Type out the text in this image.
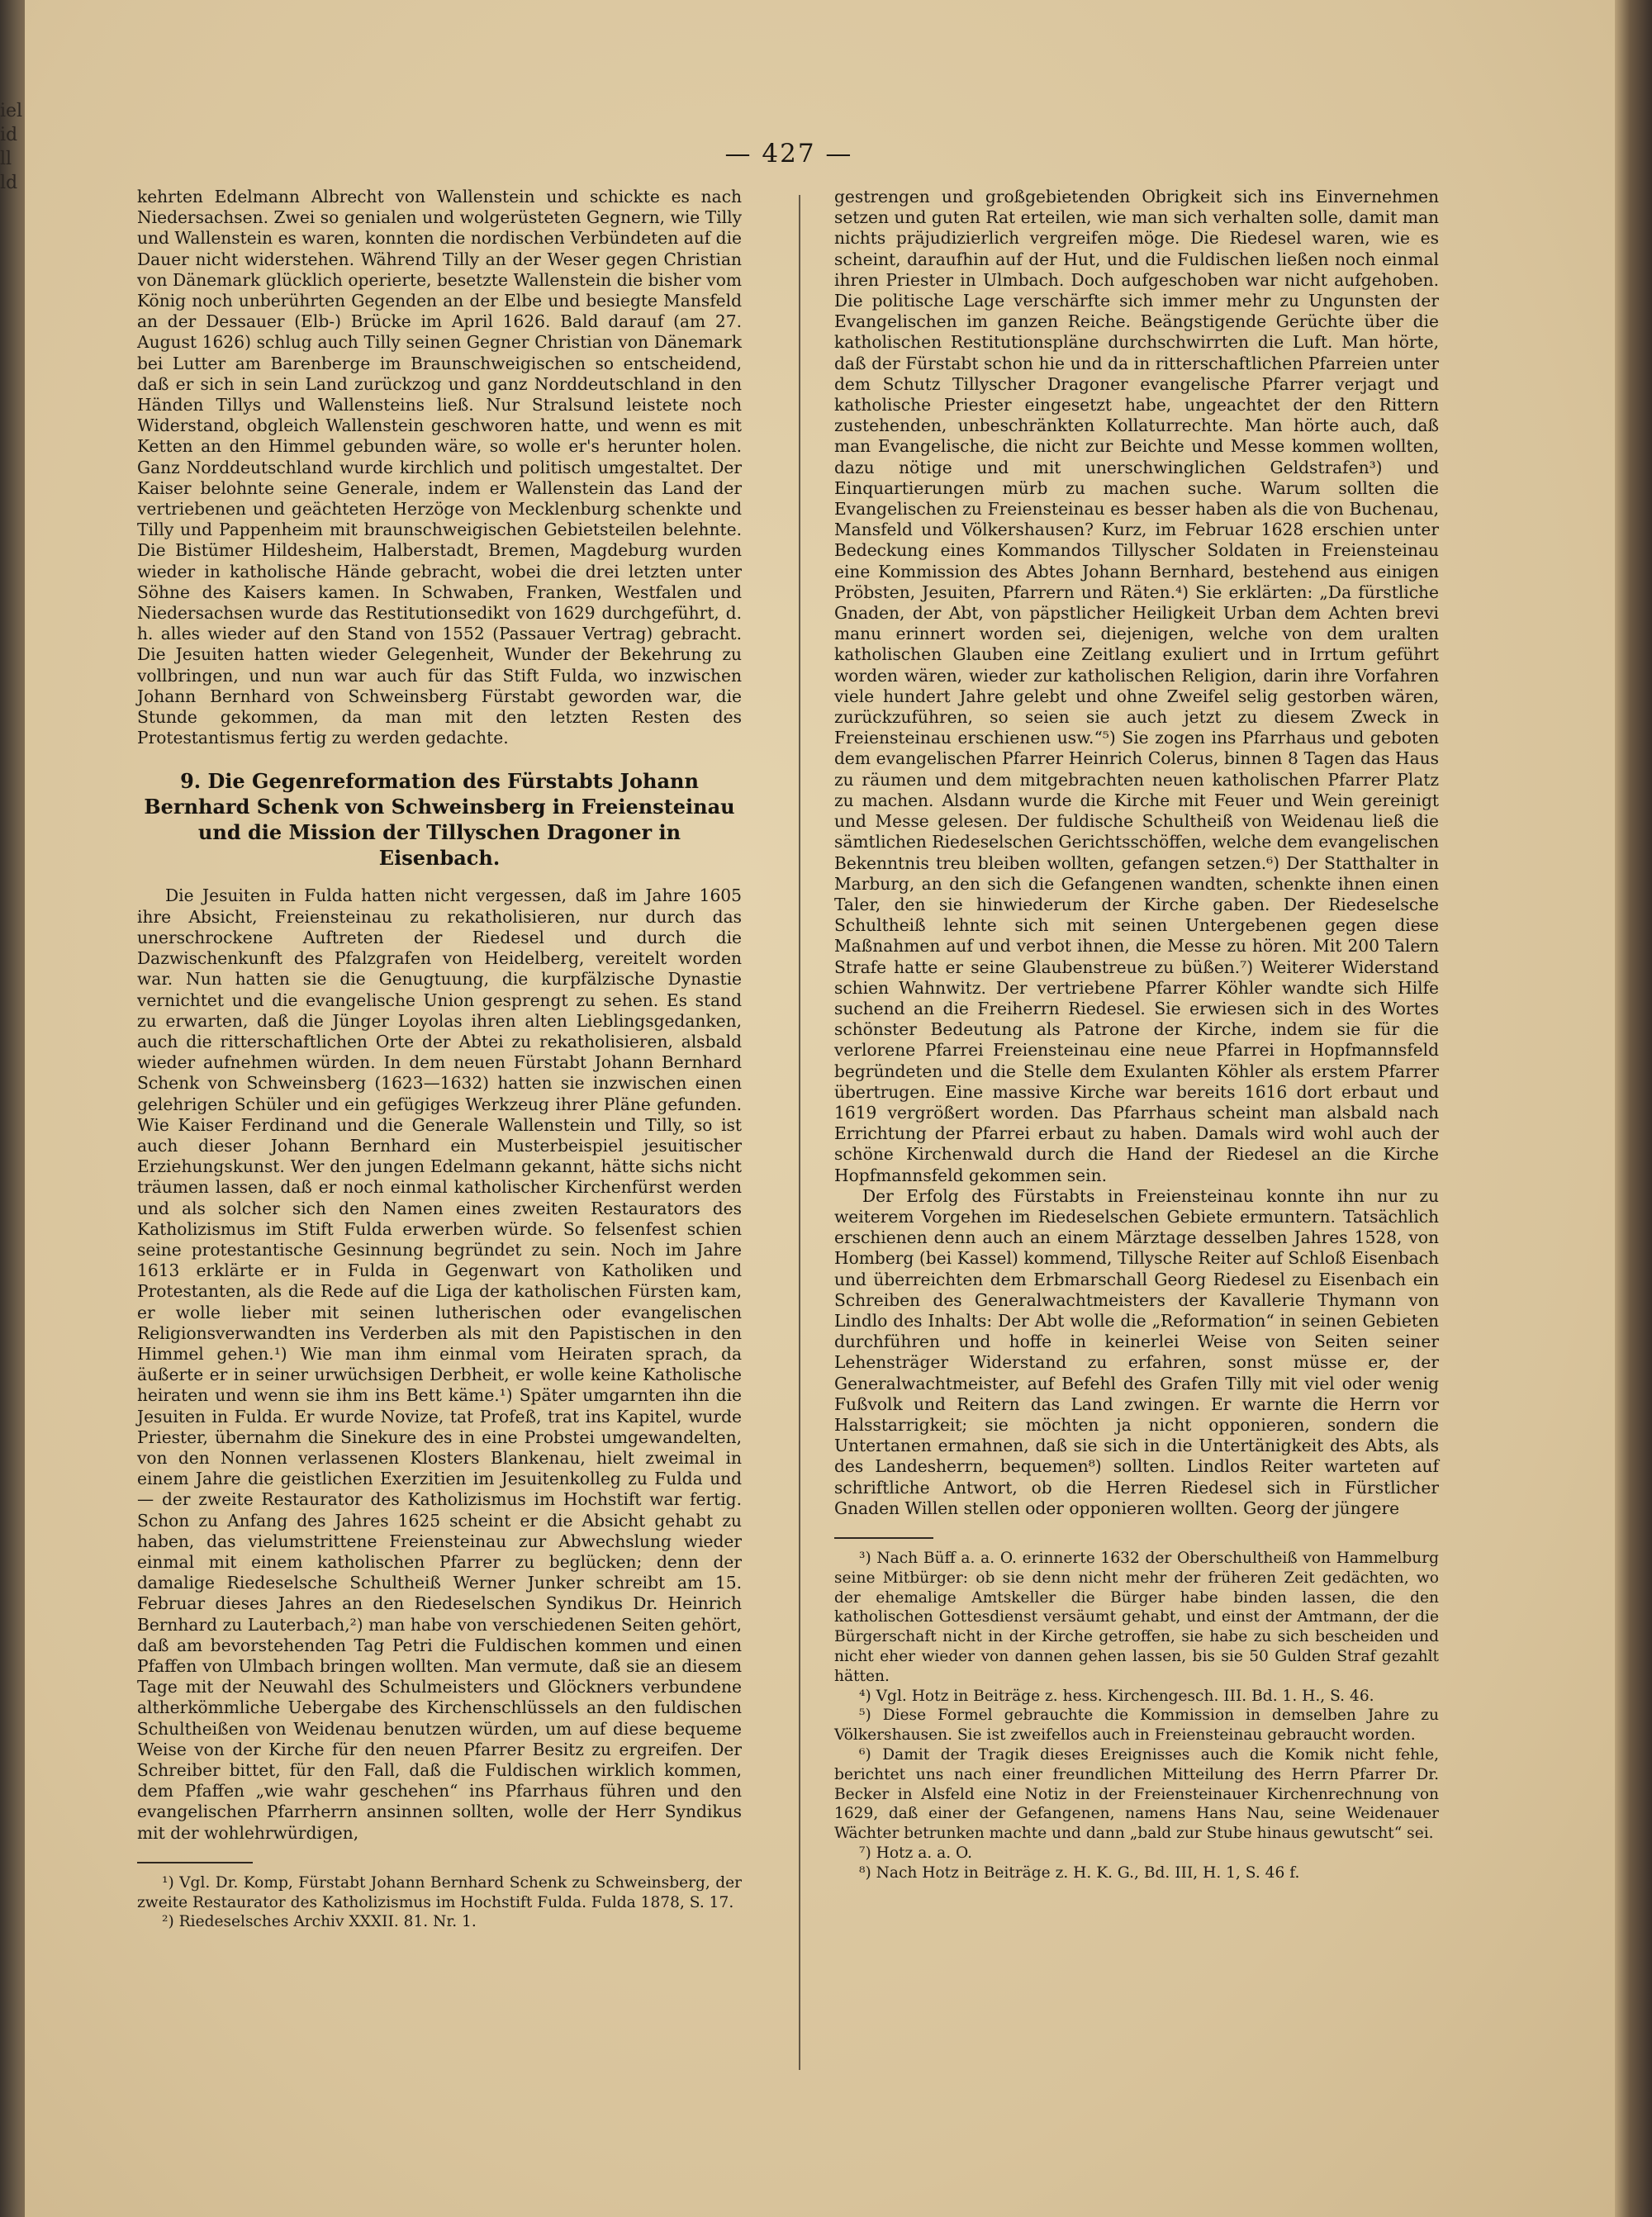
iel
id
ll
ld
— 427 —

kehrten Edelmann Albrecht von Wallenstein und schickte es nach Niedersachsen. Zwei so genialen und wolgerüsteten Gegnern, wie Tilly und Wallenstein es waren, konnten die nordischen Verbündeten auf die Dauer nicht widerstehen. Während Tilly an der Weser gegen Christian von Dänemark glücklich operierte, besetzte Wallenstein die bisher vom König noch unberührten Gegenden an der Elbe und besiegte Mansfeld an der Dessauer (Elb-) Brücke im April 1626. Bald darauf (am 27. August 1626) schlug auch Tilly seinen Gegner Christian von Dänemark bei Lutter am Barenberge im Braunschweigischen so entscheidend, daß er sich in sein Land zurückzog und ganz Norddeutschland in den Händen Tillys und Wallensteins ließ. Nur Stralsund leistete noch Widerstand, obgleich Wallenstein geschworen hatte, und wenn es mit Ketten an den Himmel gebunden wäre, so wolle er's herunter holen. Ganz Norddeutschland wurde kirchlich und politisch umgestaltet. Der Kaiser belohnte seine Generale, indem er Wallenstein das Land der vertriebenen und geächteten Herzöge von Mecklenburg schenkte und Tilly und Pappenheim mit braunschweigischen Gebietsteilen belehnte. Die Bistümer Hildesheim, Halberstadt, Bremen, Magdeburg wurden wieder in katholische Hände gebracht, wobei die drei letzten unter Söhne des Kaisers kamen. In Schwaben, Franken, Westfalen und Niedersachsen wurde das Restitutionsedikt von 1629 durchgeführt, d. h. alles wieder auf den Stand von 1552 (Passauer Vertrag) gebracht. Die Jesuiten hatten wieder Gelegenheit, Wunder der Bekehrung zu vollbringen, und nun war auch für das Stift Fulda, wo inzwischen Johann Bernhard von Schweinsberg Fürstabt geworden war, die Stunde gekommen, da man mit den letzten Resten des Protestantismus fertig zu werden gedachte.

9. Die Gegenreformation des Fürstabts Johann Bernhard Schenk von Schweinsberg in Freiensteinau und die Mission der Tillyschen Dragoner in Eisenbach.

Die Jesuiten in Fulda hatten nicht vergessen, daß im Jahre 1605 ihre Absicht, Freiensteinau zu rekatholisieren, nur durch das unerschrockene Auftreten der Riedesel und durch die Dazwischenkunft des Pfalzgrafen von Heidelberg, vereitelt worden war. Nun hatten sie die Genugtuung, die kurpfälzische Dynastie vernichtet und die evangelische Union gesprengt zu sehen. Es stand zu erwarten, daß die Jünger Loyolas ihren alten Lieblingsgedanken, auch die ritterschaftlichen Orte der Abtei zu rekatholisieren, alsbald wieder aufnehmen würden. In dem neuen Fürstabt Johann Bernhard Schenk von Schweinsberg (1623—1632) hatten sie inzwischen einen gelehrigen Schüler und ein gefügiges Werkzeug ihrer Pläne gefunden. Wie Kaiser Ferdinand und die Generale Wallenstein und Tilly, so ist auch dieser Johann Bernhard ein Musterbeispiel jesuitischer Erziehungskunst. Wer den jungen Edelmann gekannt, hätte sichs nicht träumen lassen, daß er noch einmal katholischer Kirchenfürst werden und als solcher sich den Namen eines zweiten Restaurators des Katholizismus im Stift Fulda erwerben würde. So felsenfest schien seine protestantische Gesinnung begründet zu sein. Noch im Jahre 1613 erklärte er in Fulda in Gegenwart von Katholiken und Protestanten, als die Rede auf die Liga der katholischen Fürsten kam, er wolle lieber mit seinen lutherischen oder evangelischen Religionsverwandten ins Verderben als mit den Papistischen in den Himmel gehen.¹) Wie man ihm einmal vom Heiraten sprach, da äußerte er in seiner urwüchsigen Derbheit, er wolle keine Katholische heiraten und wenn sie ihm ins Bett käme.¹) Später umgarnten ihn die Jesuiten in Fulda. Er wurde Novize, tat Profeß, trat ins Kapitel, wurde Priester, übernahm die Sinekure des in eine Probstei umgewandelten, von den Nonnen verlassenen Klosters Blankenau, hielt zweimal in einem Jahre die geistlichen Exerzitien im Jesuitenkolleg zu Fulda und — der zweite Restaurator des Katholizismus im Hochstift war fertig. Schon zu Anfang des Jahres 1625 scheint er die Absicht gehabt zu haben, das vielumstrittene Freiensteinau zur Abwechslung wieder einmal mit einem katholischen Pfarrer zu beglücken; denn der damalige Riedeselsche Schultheiß Werner Junker schreibt am 15. Februar dieses Jahres an den Riedeselschen Syndikus Dr. Heinrich Bernhard zu Lauterbach,²) man habe von verschiedenen Seiten gehört, daß am bevorstehenden Tag Petri die Fuldischen kommen und einen Pfaffen von Ulmbach bringen wollten. Man vermute, daß sie an diesem Tage mit der Neuwahl des Schulmeisters und Glöckners verbundene altherkömmliche Uebergabe des Kirchenschlüssels an den fuldischen Schultheißen von Weidenau benutzen würden, um auf diese bequeme Weise von der Kirche für den neuen Pfarrer Besitz zu ergreifen. Der Schreiber bittet, für den Fall, daß die Fuldischen wirklich kommen, dem Pfaffen „wie wahr geschehen“ ins Pfarrhaus führen und den evangelischen Pfarrherrn ansinnen sollten, wolle der Herr Syndikus mit der wohlehrwürdigen,

¹) Vgl. Dr. Komp, Fürstabt Johann Bernhard Schenk zu Schweinsberg, der zweite Restaurator des Katholizismus im Hochstift Fulda. Fulda 1878, S. 17.
²) Riedeselsches Archiv XXXII. 81. Nr. 1.

gestrengen und großgebietenden Obrigkeit sich ins Einvernehmen setzen und guten Rat erteilen, wie man sich verhalten solle, damit man nichts präjudizierlich vergreifen möge. Die Riedesel waren, wie es scheint, daraufhin auf der Hut, und die Fuldischen ließen noch einmal ihren Priester in Ulmbach. Doch aufgeschoben war nicht aufgehoben. Die politische Lage verschärfte sich immer mehr zu Ungunsten der Evangelischen im ganzen Reiche. Beängstigende Gerüchte über die katholischen Restitutionspläne durchschwirrten die Luft. Man hörte, daß der Fürstabt schon hie und da in ritterschaftlichen Pfarreien unter dem Schutz Tillyscher Dragoner evangelische Pfarrer verjagt und katholische Priester eingesetzt habe, ungeachtet der den Rittern zustehenden, unbeschränkten Kollaturrechte. Man hörte auch, daß man Evangelische, die nicht zur Beichte und Messe kommen wollten, dazu nötige und mit unerschwinglichen Geldstrafen³) und Einquartierungen mürb zu machen suche. Warum sollten die Evangelischen zu Freiensteinau es besser haben als die von Buchenau, Mansfeld und Völkershausen? Kurz, im Februar 1628 erschien unter Bedeckung eines Kommandos Tillyscher Soldaten in Freiensteinau eine Kommission des Abtes Johann Bernhard, bestehend aus einigen Pröbsten, Jesuiten, Pfarrern und Räten.⁴) Sie erklärten: „Da fürstliche Gnaden, der Abt, von päpstlicher Heiligkeit Urban dem Achten brevi manu erinnert worden sei, diejenigen, welche von dem uralten katholischen Glauben eine Zeitlang exuliert und in Irrtum geführt worden wären, wieder zur katholischen Religion, darin ihre Vorfahren viele hundert Jahre gelebt und ohne Zweifel selig gestorben wären, zurückzuführen, so seien sie auch jetzt zu diesem Zweck in Freiensteinau erschienen usw.“⁵) Sie zogen ins Pfarrhaus und geboten dem evangelischen Pfarrer Heinrich Colerus, binnen 8 Tagen das Haus zu räumen und dem mitgebrachten neuen katholischen Pfarrer Platz zu machen. Alsdann wurde die Kirche mit Feuer und Wein gereinigt und Messe gelesen. Der fuldische Schultheiß von Weidenau ließ die sämtlichen Riedeselschen Gerichtsschöffen, welche dem evangelischen Bekenntnis treu bleiben wollten, gefangen setzen.⁶) Der Statthalter in Marburg, an den sich die Gefangenen wandten, schenkte ihnen einen Taler, den sie hinwiederum der Kirche gaben. Der Riedeselsche Schultheiß lehnte sich mit seinen Untergebenen gegen diese Maßnahmen auf und verbot ihnen, die Messe zu hören. Mit 200 Talern Strafe hatte er seine Glaubenstreue zu büßen.⁷) Weiterer Widerstand schien Wahnwitz. Der vertriebene Pfarrer Köhler wandte sich Hilfe suchend an die Freiherrn Riedesel. Sie erwiesen sich in des Wortes schönster Bedeutung als Patrone der Kirche, indem sie für die verlorene Pfarrei Freiensteinau eine neue Pfarrei in Hopfmannsfeld begründeten und die Stelle dem Exulanten Köhler als erstem Pfarrer übertrugen. Eine massive Kirche war bereits 1616 dort erbaut und 1619 vergrößert worden. Das Pfarrhaus scheint man alsbald nach Errichtung der Pfarrei erbaut zu haben. Damals wird wohl auch der schöne Kirchenwald durch die Hand der Riedesel an die Kirche Hopfmannsfeld gekommen sein.

Der Erfolg des Fürstabts in Freiensteinau konnte ihn nur zu weiterem Vorgehen im Riedeselschen Gebiete ermuntern. Tatsächlich erschienen denn auch an einem Märztage desselben Jahres 1528, von Homberg (bei Kassel) kommend, Tillysche Reiter auf Schloß Eisenbach und überreichten dem Erbmarschall Georg Riedesel zu Eisenbach ein Schreiben des Generalwachtmeisters der Kavallerie Thymann von Lindlo des Inhalts: Der Abt wolle die „Reformation“ in seinen Gebieten durchführen und hoffe in keinerlei Weise von Seiten seiner Lehensträger Widerstand zu erfahren, sonst müsse er, der Generalwachtmeister, auf Befehl des Grafen Tilly mit viel oder wenig Fußvolk und Reitern das Land zwingen. Er warnte die Herrn vor Halsstarrigkeit; sie möchten ja nicht opponieren, sondern die Untertanen ermahnen, daß sie sich in die Untertänigkeit des Abts, als des Landesherrn, bequemen⁸) sollten. Lindlos Reiter warteten auf schriftliche Antwort, ob die Herren Riedesel sich in Fürstlicher Gnaden Willen stellen oder opponieren wollten. Georg der jüngere

³) Nach Büff a. a. O. erinnerte 1632 der Oberschultheiß von Hammelburg seine Mitbürger: ob sie denn nicht mehr der früheren Zeit gedächten, wo der ehemalige Amtskeller die Bürger habe binden lassen, die den katholischen Gottesdienst versäumt gehabt, und einst der Amtmann, der die Bürgerschaft nicht in der Kirche getroffen, sie habe zu sich bescheiden und nicht eher wieder von dannen gehen lassen, bis sie 50 Gulden Straf gezahlt hätten.
⁴) Vgl. Hotz in Beiträge z. hess. Kirchengesch. III. Bd. 1. H., S. 46.
⁵) Diese Formel gebrauchte die Kommission in demselben Jahre zu Völkershausen. Sie ist zweifellos auch in Freiensteinau gebraucht worden.
⁶) Damit der Tragik dieses Ereignisses auch die Komik nicht fehle, berichtet uns nach einer freundlichen Mitteilung des Herrn Pfarrer Dr. Becker in Alsfeld eine Notiz in der Freiensteinauer Kirchenrechnung von 1629, daß einer der Gefangenen, namens Hans Nau, seine Weidenauer Wächter betrunken machte und dann „bald zur Stube hinaus gewutscht“ sei.
⁷) Hotz a. a. O.
⁸) Nach Hotz in Beiträge z. H. K. G., Bd. III, H. 1, S. 46 f.
